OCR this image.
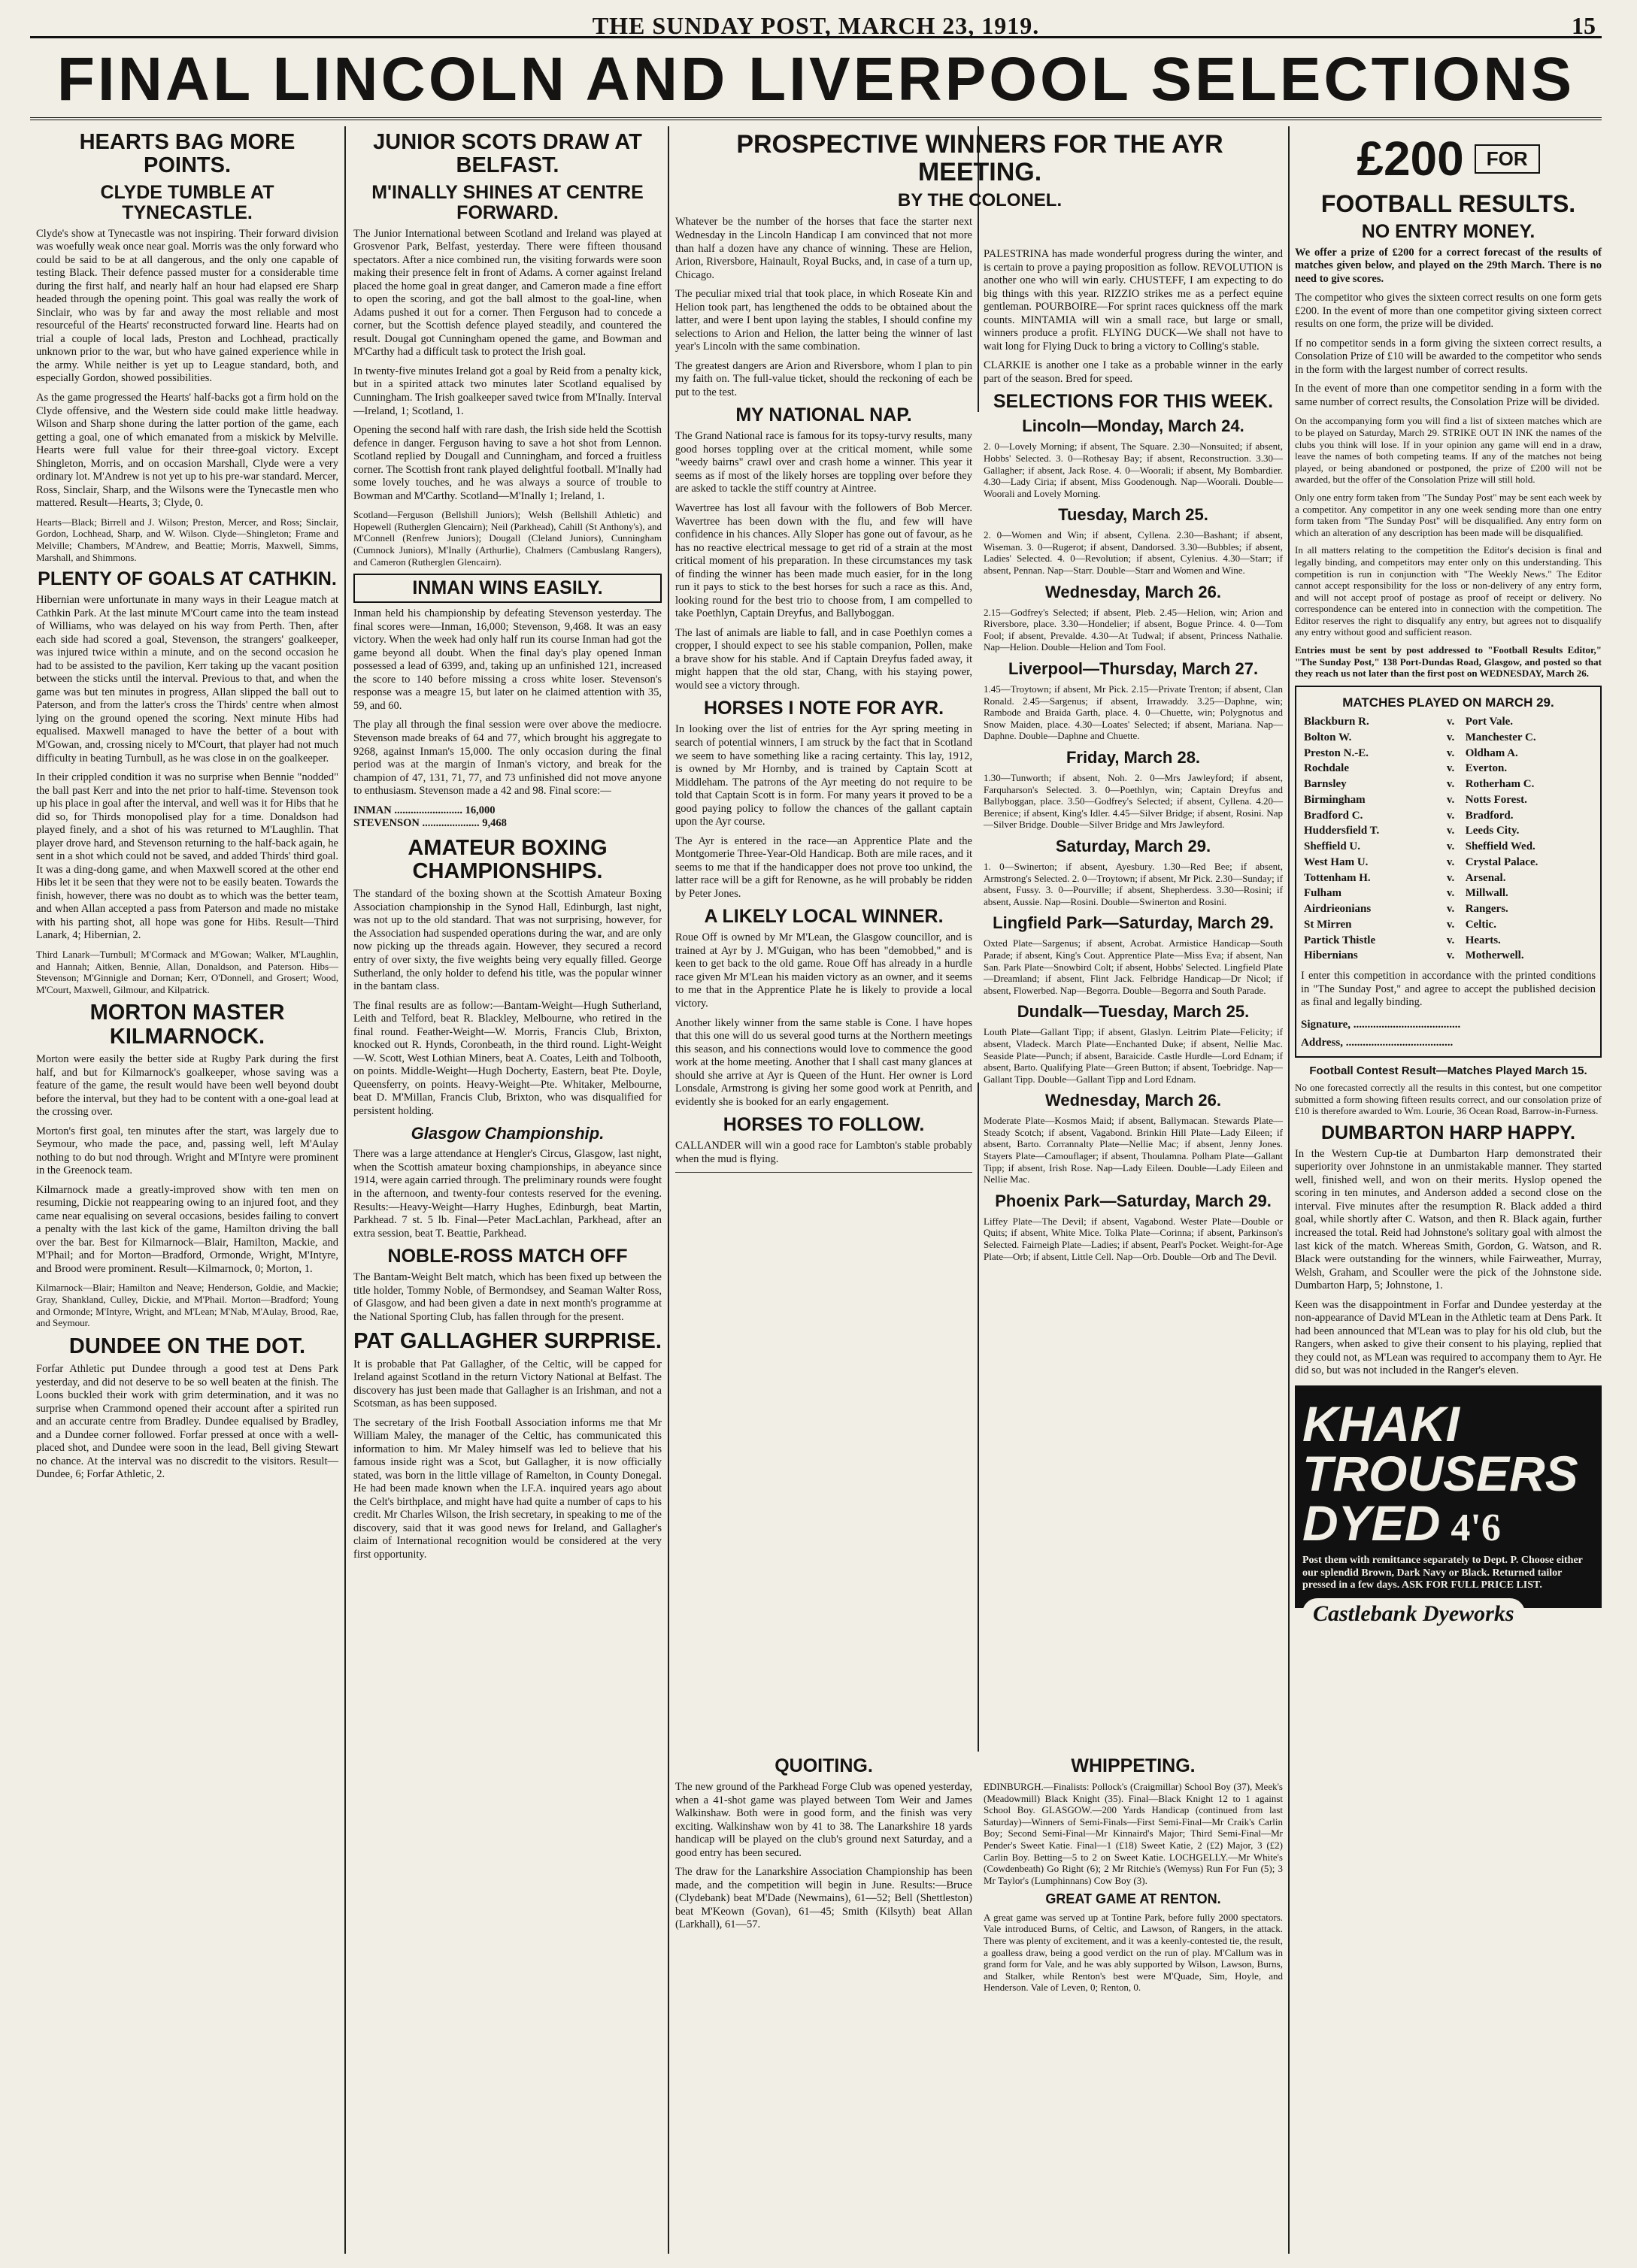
THE SUNDAY POST, MARCH 23, 1919.	15
FINAL LINCOLN AND LIVERPOOL SELECTIONS
HEARTS BAG MORE POINTS.
CLYDE TUMBLE AT TYNECASTLE.

Clyde's show at Tynecastle was not inspiring. Their forward division was woefully weak once near goal. Morris was the only forward who could be said to be at all dangerous, and the only one capable of testing Black. Their defence passed muster for a considerable time during the first half, and nearly half an hour had elapsed ere Sharp headed through the opening point. This goal was really the work of Sinclair, who was by far and away the most reliable and most resourceful of the Hearts' reconstructed forward line. Hearts had on trial a couple of local lads, Preston and Lochhead, practically unknown prior to the war, but who have gained experience while in the army. While neither is yet up to League standard, both, and especially Gordon, showed possibilities.

As the game progressed the Hearts' half-backs got a firm hold on the Clyde offensive, and the Western side could make little headway. Wilson and Sharp shone during the latter portion of the game, each getting a goal, one of which emanated from a miskick by Melville. Hearts were full value for their three-goal victory. Except Shingleton, Morris, and on occasion Marshall, Clyde were a very ordinary lot. M'Andrew is not yet up to his pre-war standard. Mercer, Ross, Sinclair, Sharp, and the Wilsons were the Tynecastle men who mattered. Result—Hearts, 3; Clyde, 0.

Hearts—Black; Birrell and J. Wilson; Preston, Mercer, and Ross; Sinclair, Gordon, Lochhead, Sharp, and W. Wilson. Clyde—Shingleton; Frame and Melville; Chambers, M'Andrew, and Beattie; Morris, Maxwell, Simms, Marshall, and Shimmons.

PLENTY OF GOALS AT CATHKIN.

Hibernian were unfortunate in many ways in their League match at Cathkin Park. At the last minute M'Court came into the team instead of Williams, who was delayed on his way from Perth. Then, after each side had scored a goal, Stevenson, the strangers' goalkeeper, was injured twice within a minute, and on the second occasion he had to be assisted to the pavilion, Kerr taking up the vacant position between the sticks until the interval. Previous to that, and when the game was but ten minutes in progress, Allan slipped the ball out to Paterson, and from the latter's cross the Thirds' centre when almost lying on the ground opened the scoring. Next minute Hibs had equalised. Maxwell managed to have the better of a bout with M'Gowan, and, crossing nicely to M'Court, that player had not much difficulty in beating Turnbull, as he was close in on the goalkeeper.

In their crippled condition it was no surprise when Bennie "nodded" the ball past Kerr and into the net prior to half-time. Stevenson took up his place in goal after the interval, and well was it for Hibs that he did so, for Thirds monopolised play for a time. Donaldson had played finely, and a shot of his was returned to M'Laughlin. That player drove hard, and Stevenson returning to the half-back again, he sent in a shot which could not be saved, and added Thirds' third goal. It was a ding-dong game, and when Maxwell scored at the other end Hibs let it be seen that they were not to be easily beaten. Towards the finish, however, there was no doubt as to which was the better team, and when Allan accepted a pass from Paterson and made no mistake with his parting shot, all hope was gone for Hibs. Result—Third Lanark, 4; Hibernian, 2.

Third Lanark—Turnbull; M'Cormack and M'Gowan; Walker, M'Laughlin, and Hannah; Aitken, Bennie, Allan, Donaldson, and Paterson. Hibs—Stevenson; M'Ginnigle and Dornan; Kerr, O'Donnell, and Grosert; Wood, M'Court, Maxwell, Gilmour, and Kilpatrick.

MORTON MASTER KILMARNOCK.

Morton were easily the better side at Rugby Park during the first half, and but for Kilmarnock's goalkeeper, whose saving was a feature of the game, the result would have been well beyond doubt before the interval, but they had to be content with a one-goal lead at the crossing over.

Morton's first goal, ten minutes after the start, was largely due to Seymour, who made the pace, and, passing well, left M'Aulay nothing to do but nod through. Wright and M'Intyre were prominent in the Greenock team.

Kilmarnock made a greatly-improved show with ten men on resuming, Dickie not reappearing owing to an injured foot, and they came near equalising on several occasions, besides failing to convert a penalty with the last kick of the game, Hamilton driving the ball over the bar. Best for Kilmarnock—Blair, Hamilton, Mackie, and M'Phail; and for Morton—Bradford, Ormonde, Wright, M'Intyre, and Brood were prominent. Result—Kilmarnock, 0; Morton, 1.

Kilmarnock—Blair; Hamilton and Neave; Henderson, Goldie, and Mackie; Gray, Shankland, Culley, Dickie, and M'Phail. Morton—Bradford; Young and Ormonde; M'Intyre, Wright, and M'Lean; M'Nab, M'Aulay, Brood, Rae, and Seymour.

DUNDEE ON THE DOT.

Forfar Athletic put Dundee through a good test at Dens Park yesterday, and did not deserve to be so well beaten at the finish. The Loons buckled their work with grim determination, and it was no surprise when Crammond opened their account after a spirited run and an accurate centre from Bradley. Dundee equalised by Bradley, and a Dundee corner followed. Forfar pressed at once with a well-placed shot, and Dundee were soon in the lead, Bell giving Stewart no chance. At the interval was no discredit to the visitors. Result—Dundee, 6; Forfar Athletic, 2.

JUNIOR SCOTS DRAW AT BELFAST.
M'INALLY SHINES AT CENTRE FORWARD.

The Junior International between Scotland and Ireland was played at Grosvenor Park, Belfast, yesterday. There were fifteen thousand spectators. After a nice combined run, the visiting forwards were soon making their presence felt in front of Adams. A corner against Ireland placed the home goal in great danger, and Cameron made a fine effort to open the scoring, and got the ball almost to the goal-line, when Adams pushed it out for a corner. Then Ferguson had to concede a corner, but the Scottish defence played steadily, and countered the result. Dougal got Cunningham opened the game, and Bowman and M'Carthy had a difficult task to protect the Irish goal.

In twenty-five minutes Ireland got a goal by Reid from a penalty kick, but in a spirited attack two minutes later Scotland equalised by Cunningham. The Irish goalkeeper saved twice from M'Inally. Interval—Ireland, 1; Scotland, 1.

Opening the second half with rare dash, the Irish side held the Scottish defence in danger. Ferguson having to save a hot shot from Lennon. Scotland replied by Dougall and Cunningham, and forced a fruitless corner. The Scottish front rank played delightful football. M'Inally had some lovely touches, and he was always a source of trouble to Bowman and M'Carthy. Scotland—M'Inally 1; Ireland, 1.

Scotland—Ferguson (Bellshill Juniors); Welsh (Bellshill Athletic) and Hopewell (Rutherglen Glencairn); Neil (Parkhead), Cahill (St Anthony's), and M'Connell (Renfrew Juniors); Dougall (Cleland Juniors), Cunningham (Cumnock Juniors), M'Inally (Arthurlie), Chalmers (Cambuslang Rangers), and Cameron (Rutherglen Glencairn).

INMAN WINS EASILY.

Inman held his championship by defeating Stevenson yesterday. The final scores were—Inman, 16,000; Stevenson, 9,468. It was an easy victory. When the week had only half run its course Inman had got the game beyond all doubt. When the final day's play opened Inman possessed a lead of 6399, and, taking up an unfinished 121, increased the score to 140 before missing a cross white loser. Stevenson's response was a meagre 15, but later on he claimed attention with 35, 59, and 60.

The play all through the final session were over above the mediocre. Stevenson made breaks of 64 and 77, which brought his aggregate to 9268, against Inman's 15,000. The only occasion during the final period was at the margin of Inman's victory, and break for the champion of 47, 131, 71, 77, and 73 unfinished did not move anyone to enthusiasm. Stevenson made a 42 and 98. Final score:—

INMAN ......................... 16,000
STEVENSON ..................... 9,468
AMATEUR BOXING CHAMPIONSHIPS.

The standard of the boxing shown at the Scottish Amateur Boxing Association championship in the Synod Hall, Edinburgh, last night, was not up to the old standard. That was not surprising, however, for the Association had suspended operations during the war, and are only now picking up the threads again. However, they secured a record entry of over sixty, the five weights being very equally filled. George Sutherland, the only holder to defend his title, was the popular winner in the bantam class.

The final results are as follow:—Bantam-Weight—Hugh Sutherland, Leith and Telford, beat R. Blackley, Melbourne, who retired in the final round. Feather-Weight—W. Morris, Francis Club, Brixton, knocked out R. Hynds, Coronbeath, in the third round. Light-Weight—W. Scott, West Lothian Miners, beat A. Coates, Leith and Tolbooth, on points. Middle-Weight—Hugh Docherty, Eastern, beat Pte. Doyle, Queensferry, on points. Heavy-Weight—Pte. Whitaker, Melbourne, beat D. M'Millan, Francis Club, Brixton, who was disqualified for persistent holding.

Glasgow Championship.

There was a large attendance at Hengler's Circus, Glasgow, last night, when the Scottish amateur boxing championships, in abeyance since 1914, were again carried through. The preliminary rounds were fought in the afternoon, and twenty-four contests reserved for the evening. Results:—Heavy-Weight—Harry Hughes, Edinburgh, beat Martin, Parkhead. 7 st. 5 lb. Final—Peter MacLachlan, Parkhead, after an extra session, beat T. Beattie, Parkhead.

NOBLE-ROSS MATCH OFF

The Bantam-Weight Belt match, which has been fixed up between the title holder, Tommy Noble, of Bermondsey, and Seaman Walter Ross, of Glasgow, and had been given a date in next month's programme at the National Sporting Club, has fallen through for the present.

PAT GALLAGHER SURPRISE.

It is probable that Pat Gallagher, of the Celtic, will be capped for Ireland against Scotland in the return Victory National at Belfast. The discovery has just been made that Gallagher is an Irishman, and not a Scotsman, as has been supposed.

The secretary of the Irish Football Association informs me that Mr William Maley, the manager of the Celtic, has communicated this information to him. Mr Maley himself was led to believe that his famous inside right was a Scot, but Gallagher, it is now officially stated, was born in the little village of Ramelton, in County Donegal. He had been made known when the I.F.A. inquired years ago about the Celt's birthplace, and might have had quite a number of caps to his credit. Mr Charles Wilson, the Irish secretary, in speaking to me of the discovery, said that it was good news for Ireland, and Gallagher's claim of International recognition would be considered at the very first opportunity.

PROSPECTIVE WINNERS FOR THE AYR MEETING.
BY THE COLONEL.

Whatever be the number of the horses that face the starter next Wednesday in the Lincoln Handicap I am convinced that not more than half a dozen have any chance of winning. These are Helion, Arion, Riversbore, Hainault, Royal Bucks, and, in case of a turn up, Chicago.

The peculiar mixed trial that took place, in which Roseate Kin and Helion took part, has lengthened the odds to be obtained about the latter, and were I bent upon laying the stables, I should confine my selections to Arion and Helion, the latter being the winner of last year's Lincoln with the same combination.

The greatest dangers are Arion and Riversbore, whom I plan to pin my faith on. The full-value ticket, should the reckoning of each be put to the test.

MY NATIONAL NAP.

The Grand National race is famous for its topsy-turvy results, many good horses toppling over at the critical moment, while some "weedy bairns" crawl over and crash home a winner. This year it seems as if most of the likely horses are toppling over before they are asked to tackle the stiff country at Aintree.

Wavertree has lost all favour with the followers of Bob Mercer. Wavertree has been down with the flu, and few will have confidence in his chances. Ally Sloper has gone out of favour, as he has no reactive electrical message to get rid of a strain at the most critical moment of his preparation. In these circumstances my task of finding the winner has been made much easier, for in the long run it pays to stick to the best horses for such a race as this. And, looking round for the best trio to choose from, I am compelled to take Poethlyn, Captain Dreyfus, and Ballyboggan.

The last of animals are liable to fall, and in case Poethlyn comes a cropper, I should expect to see his stable companion, Pollen, make a brave show for his stable. And if Captain Dreyfus faded away, it might happen that the old star, Chang, with his staying power, would see a victory through.

HORSES I NOTE FOR AYR.

In looking over the list of entries for the Ayr spring meeting in search of potential winners, I am struck by the fact that in Scotland we seem to have something like a racing certainty. This lay, 1912, is owned by Mr Hornby, and is trained by Captain Scott at Middleham. The patrons of the Ayr meeting do not require to be told that Captain Scott is in form. For many years it proved to be a good paying policy to follow the chances of the gallant captain upon the Ayr course.

The Ayr is entered in the race—an Apprentice Plate and the Montgomerie Three-Year-Old Handicap. Both are mile races, and it seems to me that if the handicapper does not prove too unkind, the latter race will be a gift for Renowne, as he will probably be ridden by Peter Jones.

A LIKELY LOCAL WINNER.

Roue Off is owned by Mr M'Lean, the Glasgow councillor, and is trained at Ayr by J. M'Guigan, who has been "demobbed," and is keen to get back to the old game. Roue Off has already in a hurdle race given Mr M'Lean his maiden victory as an owner, and it seems to me that in the Apprentice Plate he is likely to provide a local victory.

Another likely winner from the same stable is Cone. I have hopes that this one will do us several good turns at the Northern meetings this season, and his connections would love to commence the good work at the home meeting. Another that I shall cast many glances at should she arrive at Ayr is Queen of the Hunt. Her owner is Lord Lonsdale, Armstrong is giving her some good work at Penrith, and evidently she is booked for an early engagement.

HORSES TO FOLLOW.

CALLANDER will win a good race for Lambton's stable probably when the mud is flying.

PALESTRINA has made wonderful progress during the winter, and is certain to prove a paying proposition as follow. REVOLUTION is another one who will win early. CHUSTEFF, I am expecting to do big things with this year. RIZZIO strikes me as a perfect equine gentleman. POURBOIRE—For sprint races quickness off the mark counts. MINTAMIA will win a small race, but large or small, winners produce a profit. FLYING DUCK—We shall not have to wait long for Flying Duck to bring a victory to Colling's stable.

CLARKIE is another one I take as a probable winner in the early part of the season. Bred for speed.

SELECTIONS FOR THIS WEEK.
Lincoln—Monday, March 24.

2. 0—Lovely Morning; if absent, The Square. 2.30—Nonsuited; if absent, Hobbs' Selected. 3. 0—Rothesay Bay; if absent, Reconstruction. 3.30—Gallagher; if absent, Jack Rose. 4. 0—Woorali; if absent, My Bombardier. 4.30—Lady Ciria; if absent, Miss Goodenough. Nap—Woorali. Double—Woorali and Lovely Morning.

Tuesday, March 25.

2. 0—Women and Win; if absent, Cyllena. 2.30—Bashant; if absent, Wiseman. 3. 0—Rugerot; if absent, Dandorsed. 3.30—Bubbles; if absent, Ladies' Selected. 4. 0—Revolution; if absent, Cylenius. 4.30—Starr; if absent, Pennan. Nap—Starr. Double—Starr and Women and Wine.

Wednesday, March 26.

2.15—Godfrey's Selected; if absent, Pleb. 2.45—Helion, win; Arion and Riversbore, place. 3.30—Hondelier; if absent, Bogue Prince. 4. 0—Tom Fool; if absent, Prevalde. 4.30—At Tudwal; if absent, Princess Nathalie. Nap—Helion. Double—Helion and Tom Fool.

Liverpool—Thursday, March 27.

1.45—Troytown; if absent, Mr Pick. 2.15—Private Trenton; if absent, Clan Ronald. 2.45—Sargenus; if absent, Irrawaddy. 3.25—Daphne, win; Rambode and Braida Garth, place. 4. 0—Chuette, win; Polygnotus and Snow Maiden, place. 4.30—Loates' Selected; if absent, Mariana. Nap—Daphne. Double—Daphne and Chuette.

Friday, March 28.

1.30—Tunworth; if absent, Noh. 2. 0—Mrs Jawleyford; if absent, Farquharson's Selected. 3. 0—Poethlyn, win; Captain Dreyfus and Ballyboggan, place. 3.50—Godfrey's Selected; if absent, Cyllena. 4.20—Berenice; if absent, King's Idler. 4.45—Silver Bridge; if absent, Rosini. Nap—Silver Bridge. Double—Silver Bridge and Mrs Jawleyford.

Saturday, March 29.

1. 0—Swinerton; if absent, Ayesbury. 1.30—Red Bee; if absent, Armstrong's Selected. 2. 0—Troytown; if absent, Mr Pick. 2.30—Sunday; if absent, Fussy. 3. 0—Pourville; if absent, Shepherdess. 3.30—Rosini; if absent, Aussie. Nap—Rosini. Double—Swinerton and Rosini.

Lingfield Park—Saturday, March 29.

Oxted Plate—Sargenus; if absent, Acrobat. Armistice Handicap—South Parade; if absent, King's Cout. Apprentice Plate—Miss Eva; if absent, Nan San. Park Plate—Snowbird Colt; if absent, Hobbs' Selected. Lingfield Plate—Dreamland; if absent, Flint Jack. Felbridge Handicap—Dr Nicol; if absent, Flowerbed. Nap—Begorra. Double—Begorra and South Parade.

Dundalk—Tuesday, March 25.

Louth Plate—Gallant Tipp; if absent, Glaslyn. Leitrim Plate—Felicity; if absent, Vladeck. March Plate—Enchanted Duke; if absent, Nellie Mac. Seaside Plate—Punch; if absent, Baraicide. Castle Hurdle—Lord Ednam; if absent, Barto. Qualifying Plate—Green Button; if absent, Toebridge. Nap—Gallant Tipp. Double—Gallant Tipp and Lord Ednam.

Wednesday, March 26.

Moderate Plate—Kosmos Maid; if absent, Ballymacan. Stewards Plate—Steady Scotch; if absent, Vagabond. Brinkin Hill Plate—Lady Eileen; if absent, Barto. Corrannalty Plate—Nellie Mac; if absent, Jenny Jones. Stayers Plate—Camouflager; if absent, Thoulamna. Polham Plate—Gallant Tipp; if absent, Irish Rose. Nap—Lady Eileen. Double—Lady Eileen and Nellie Mac.

Phoenix Park—Saturday, March 29.

Liffey Plate—The Devil; if absent, Vagabond. Wester Plate—Double or Quits; if absent, White Mice. Tolka Plate—Corinna; if absent, Parkinson's Selected. Fairneigh Plate—Ladies; if absent, Pearl's Pocket. Weight-for-Age Plate—Orb; if absent, Little Cell. Nap—Orb. Double—Orb and The Devil.

QUOITING.

The new ground of the Parkhead Forge Club was opened yesterday, when a 41-shot game was played between Tom Weir and James Walkinshaw. Both were in good form, and the finish was very exciting. Walkinshaw won by 41 to 38. The Lanarkshire 18 yards handicap will be played on the club's ground next Saturday, and a good entry has been secured.

The draw for the Lanarkshire Association Championship has been made, and the competition will begin in June. Results:—Bruce (Clydebank) beat M'Dade (Newmains), 61—52; Bell (Shettleston) beat M'Keown (Govan), 61—45; Smith (Kilsyth) beat Allan (Larkhall), 61—57.

WHIPPETING.

EDINBURGH.—Finalists: Pollock's (Craigmillar) School Boy (37), Meek's (Meadowmill) Black Knight (35). Final—Black Knight 12 to 1 against School Boy. GLASGOW.—200 Yards Handicap (continued from last Saturday)—Winners of Semi-Finals—First Semi-Final—Mr Craik's Carlin Boy; Second Semi-Final—Mr Kinnaird's Major; Third Semi-Final—Mr Pender's Sweet Katie. Final—1 (£18) Sweet Katie, 2 (£2) Major, 3 (£2) Carlin Boy. Betting—5 to 2 on Sweet Katie. LOCHGELLY.—Mr White's (Cowdenbeath) Go Right (6); 2 Mr Ritchie's (Wemyss) Run For Fun (5); 3 Mr Taylor's (Lumphinnans) Cow Boy (3).

GREAT GAME AT RENTON.

A great game was served up at Tontine Park, before fully 2000 spectators. Vale introduced Burns, of Celtic, and Lawson, of Rangers, in the attack. There was plenty of excitement, and it was a keenly-contested tie, the result, a goalless draw, being a good verdict on the run of play. M'Callum was in grand form for Vale, and he was ably supported by Wilson, Lawson, Burns, and Stalker, while Renton's best were M'Quade, Sim, Hoyle, and Henderson. Vale of Leven, 0; Renton, 0.

£200	FOR
FOOTBALL RESULTS.
NO ENTRY MONEY.

We offer a prize of £200 for a correct forecast of the results of matches given below, and played on the 29th March. There is no need to give scores.

The competitor who gives the sixteen correct results on one form gets £200. In the event of more than one competitor giving sixteen correct results on one form, the prize will be divided.

If no competitor sends in a form giving the sixteen correct results, a Consolation Prize of £10 will be awarded to the competitor who sends in the form with the largest number of correct results.

In the event of more than one competitor sending in a form with the same number of correct results, the Consolation Prize will be divided.

On the accompanying form you will find a list of sixteen matches which are to be played on Saturday, March 29. STRIKE OUT IN INK the names of the clubs you think will lose. If in your opinion any game will end in a draw, leave the names of both competing teams. If any of the matches not being played, or being abandoned or postponed, the prize of £200 will not be awarded, but the offer of the Consolation Prize will still hold.

Only one entry form taken from "The Sunday Post" may be sent each week by a competitor. Any competitor in any one week sending more than one entry form taken from "The Sunday Post" will be disqualified. Any entry form on which an alteration of any description has been made will be disqualified.

In all matters relating to the competition the Editor's decision is final and legally binding, and competitors may enter only on this understanding. This competition is run in conjunction with "The Weekly News." The Editor cannot accept responsibility for the loss or non-delivery of any entry form, and will not accept proof of postage as proof of receipt or delivery. No correspondence can be entered into in connection with the competition. The Editor reserves the right to disqualify any entry, but agrees not to disqualify any entry without good and sufficient reason.

Entries must be sent by post addressed to "Football Results Editor," "The Sunday Post," 138 Port-Dundas Road, Glasgow, and posted so that they reach us not later than the first post on WEDNESDAY, March 26.

MATCHES PLAYED ON MARCH 29.
Blackburn R.	v.	Port Vale.
Bolton W.	v.	Manchester C.
Preston N.-E.	v.	Oldham A.
Rochdale	v.	Everton.
Barnsley	v.	Rotherham C.
Birmingham	v.	Notts Forest.
Bradford C.	v.	Bradford.
Huddersfield T.	v.	Leeds City.
Sheffield U.	v.	Sheffield Wed.
West Ham U.	v.	Crystal Palace.
Tottenham H.	v.	Arsenal.
Fulham	v.	Millwall.
Airdrieonians	v.	Rangers.
St Mirren	v.	Celtic.
Partick Thistle	v.	Hearts.
Hibernians	v.	Motherwell.

I enter this competition in accordance with the printed conditions in "The Sunday Post," and agree to accept the published decision as final and legally binding.

Signature, ......................................
Address, ......................................
Football Contest Result—Matches Played March 15.

No one forecasted correctly all the results in this contest, but one competitor submitted a form showing fifteen results correct, and our consolation prize of £10 is therefore awarded to Wm. Lourie, 36 Ocean Road, Barrow-in-Furness.

DUMBARTON HARP HAPPY.

In the Western Cup-tie at Dumbarton Harp demonstrated their superiority over Johnstone in an unmistakable manner. They started well, finished well, and won on their merits. Hyslop opened the scoring in ten minutes, and Anderson added a second close on the interval. Five minutes after the resumption R. Black added a third goal, while shortly after C. Watson, and then R. Black again, further increased the total. Reid had Johnstone's solitary goal with almost the last kick of the match. Whereas Smith, Gordon, G. Watson, and R. Black were outstanding for the winners, while Fairweather, Murray, Welsh, Graham, and Scouller were the pick of the Johnstone side. Dumbarton Harp, 5; Johnstone, 1.

Keen was the disappointment in Forfar and Dundee yesterday at the non-appearance of David M'Lean in the Athletic team at Dens Park. It had been announced that M'Lean was to play for his old club, but the Rangers, when asked to give their consent to his playing, replied that they could not, as M'Lean was required to accompany them to Ayr. He did so, but was not included in the Ranger's eleven.

KHAKI
TROUSERS
DYED 4'6
Post them with remittance separately to Dept. P. Choose either our splendid Brown, Dark Navy or Black. Returned tailor pressed in a few days. ASK FOR FULL PRICE LIST.
Castlebank Dyeworks
